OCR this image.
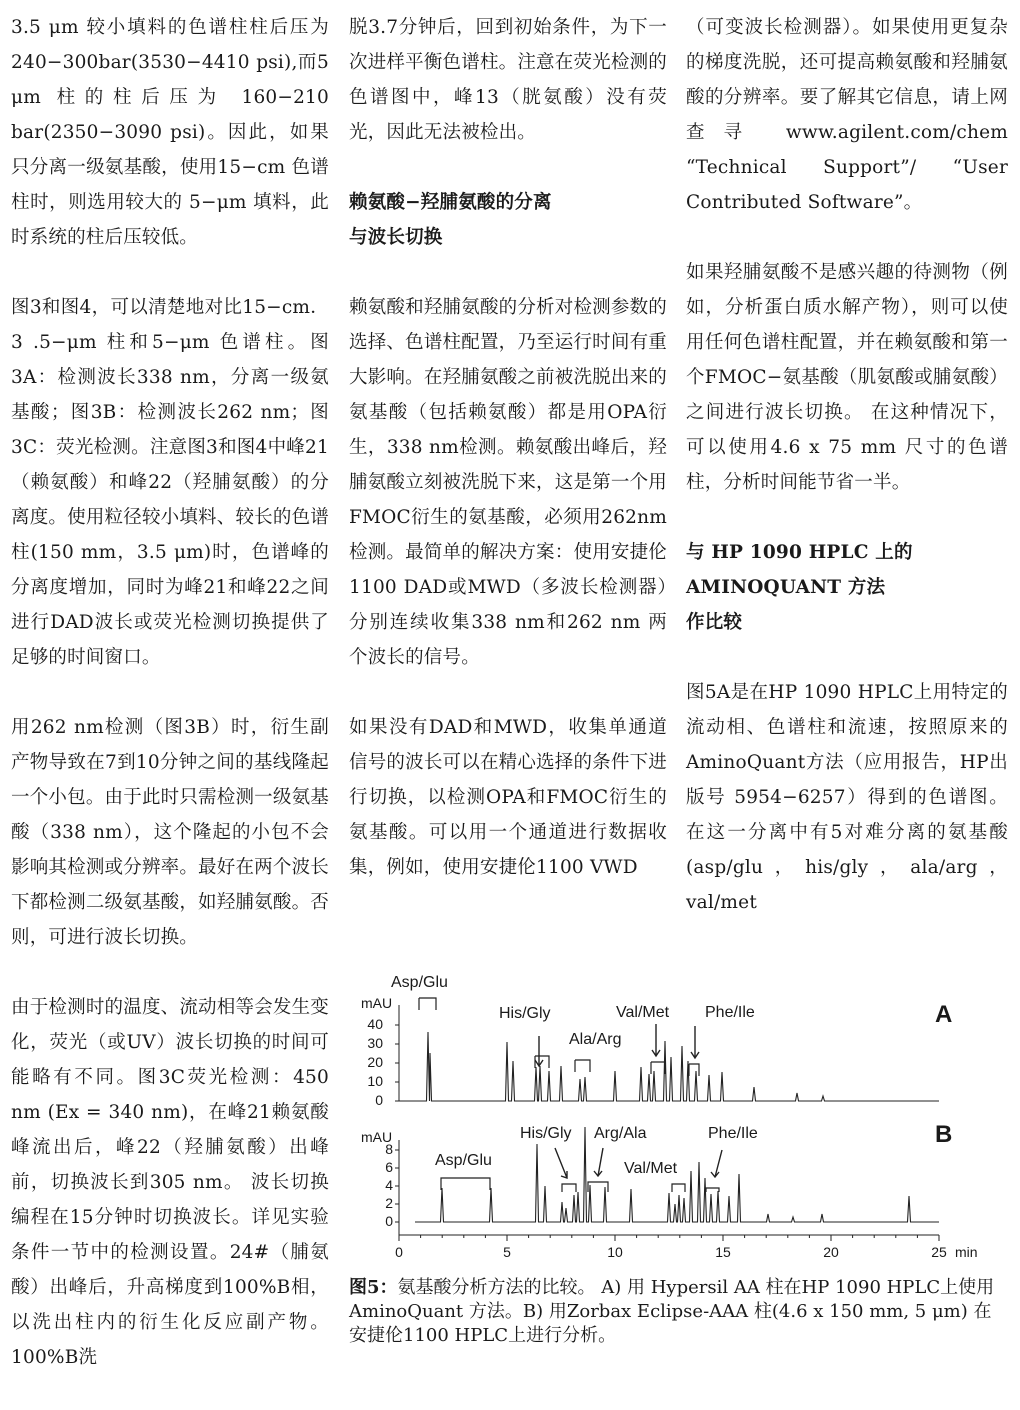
3.5 μm 较小填料的色谱柱柱后压为 240−300bar(3530−4410 psi),而5 μm 柱的柱后压为 160−210 bar(2350−3090 psi)。因此，如果只分离一级氨基酸，使用15−cm 色谱柱时，则选用较大的 5−μm 填料，此时系统的柱后压较低。

图3和图4，可以清楚地对比15−cm．3 .5−μm 柱和5−μm 色谱柱。图3A：检测波长338 nm，分离一级氨基酸；图3B：检测波长262 nm；图3C：荧光检测。注意图3和图4中峰21（赖氨酸）和峰22（羟脯氨酸）的分离度。使用粒径较小填料、较长的色谱柱(150 mm，3.5 μm)时，色谱峰的分离度增加，同时为峰21和峰22之间进行DAD波长或荧光检测切换提供了足够的时间窗口。

用262 nm检测（图3B）时，衍生副产物导致在7到10分钟之间的基线隆起一个小包。由于此时只需检测一级氨基酸（338 nm），这个隆起的小包不会影响其检测或分辨率。最好在两个波长下都检测二级氨基酸，如羟脯氨酸。否则，可进行波长切换。

由于检测时的温度、流动相等会发生变化，荧光（或UV）波长切换的时间可能略有不同。图3C荧光检测：450 nm (Ex = 340 nm)，在峰21赖氨酸峰流出后，峰22（羟脯氨酸）出峰前，切换波长到305 nm。 波长切换编程在15分钟时切换波长。详见实验条件一节中的检测设置。24#（脯氨酸）出峰后，升高梯度到100%B相，以洗出柱内的衍生化反应副产物。100%B洗

脱3.7分钟后，回到初始条件，为下一次进样平衡色谱柱。注意在荧光检测的色谱图中，峰13（胱氨酸）没有荧光，因此无法被检出。

赖氨酸−羟脯氨酸的分离
与波长切换

赖氨酸和羟脯氨酸的分析对检测参数的选择、色谱柱配置，乃至运行时间有重大影响。在羟脯氨酸之前被洗脱出来的氨基酸（包括赖氨酸）都是用OPA衍生，338 nm检测。赖氨酸出峰后，羟脯氨酸立刻被洗脱下来，这是第一个用FMOC衍生的氨基酸，必须用262nm检测。最简单的解决方案：使用安捷伦1100 DAD或MWD（多波长检测器）分别连续收集338 nm和262 nm 两个波长的信号。

如果没有DAD和MWD，收集单通道信号的波长可以在精心选择的条件下进行切换，以检测OPA和FMOC衍生的氨基酸。可以用一个通道进行数据收集，例如，使用安捷伦1100 VWD

（可变波长检测器）。如果使用更复杂的梯度洗脱，还可提高赖氨酸和羟脯氨酸的分辨率。要了解其它信息，请上网查寻 www.agilent.com/chem “Technical Support”/ “User Contributed Software”。

如果羟脯氨酸不是感兴趣的待测物（例如，分析蛋白质水解产物），则可以使用任何色谱柱配置，并在赖氨酸和第一个FMOC−氨基酸（肌氨酸或脯氨酸）之间进行波长切换。 在这种情况下，可以使用4.6 x 75 mm 尺寸的色谱柱，分析时间能节省一半。

与 HP 1090 HPLC 上的
AMINOQUANT 方法
作比较

图5A是在HP 1090 HPLC上用特定的流动相、色谱柱和流速，按照原来的AminoQuant方法（应用报告，HP出版号 5954−6257）得到的色谱图。在这一分离中有5对难分离的氨基酸(asp/glu，his/gly，ala/arg，val/met

mAU	A
0
10
20
30
40
Asp/Glu
His/Gly
Ala/Arg
Val/Met Phe/Ile
mAU	B
0
2
4
6
8
Asp/Glu
His/Gly Arg/Ala
Val/Met
Phe/Ile
0	5	10	15	20	25 min
图5：氨基酸分析方法的比较。 A) 用 Hypersil AA 柱在HP 1090 HPLC上使用AminoQuant 方法。B) 用Zorbax Eclipse-AAA 柱(4.6 x 150 mm, 5 μm) 在安捷伦1100 HPLC上进行分析。
